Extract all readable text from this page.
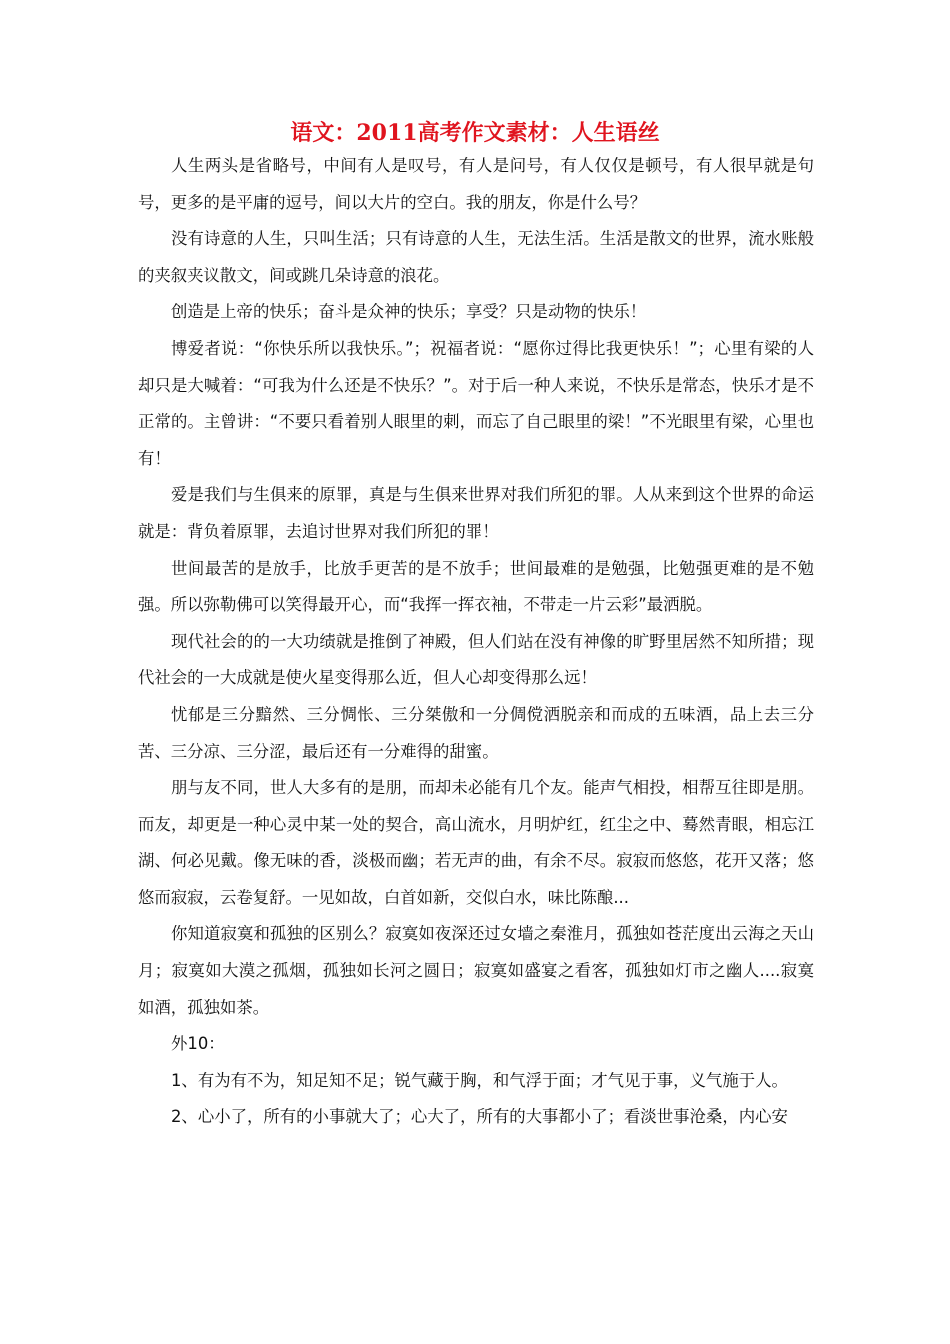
语文：2011高考作文素材：人生语丝

人生两头是省略号，中间有人是叹号，有人是问号，有人仅仅是顿号，有人很早就是句号，更多的是平庸的逗号，间以大片的空白。我的朋友，你是什么号？

没有诗意的人生，只叫生活；只有诗意的人生，无法生活。生活是散文的世界，流水账般的夹叙夹议散文，间或跳几朵诗意的浪花。

创造是上帝的快乐；奋斗是众神的快乐；享受？只是动物的快乐！

博爱者说：“你快乐所以我快乐。”；祝福者说：“愿你过得比我更快乐！”；心里有梁的人却只是大喊着：“可我为什么还是不快乐？”。对于后一种人来说，不快乐是常态，快乐才是不正常的。主曾讲：“不要只看着别人眼里的刺，而忘了自己眼里的梁！”不光眼里有梁，心里也有！

爱是我们与生俱来的原罪，真是与生俱来世界对我们所犯的罪。人从来到这个世界的命运就是：背负着原罪，去追讨世界对我们所犯的罪！

世间最苦的是放手，比放手更苦的是不放手；世间最难的是勉强，比勉强更难的是不勉强。所以弥勒佛可以笑得最开心，而“我挥一挥衣袖，不带走一片云彩”最洒脱。

现代社会的的一大功绩就是推倒了神殿，但人们站在没有神像的旷野里居然不知所措；现代社会的一大成就是使火星变得那么近，但人心却变得那么远！

忧郁是三分黯然、三分惆怅、三分桀傲和一分倜傥洒脱亲和而成的五味酒，品上去三分苦、三分凉、三分涩，最后还有一分难得的甜蜜。

朋与友不同，世人大多有的是朋，而却未必能有几个友。能声气相投，相帮互往即是朋。而友，却更是一种心灵中某一处的契合，高山流水，月明炉红，红尘之中、蓦然青眼，相忘江湖、何必见戴。像无味的香，淡极而幽；若无声的曲，有余不尽。寂寂而悠悠，花开又落；悠悠而寂寂，云卷复舒。一见如故，白首如新，交似白水，味比陈酿...

你知道寂寞和孤独的区别么？寂寞如夜深还过女墙之秦淮月，孤独如苍茫度出云海之天山月；寂寞如大漠之孤烟，孤独如长河之圆日；寂寞如盛宴之看客，孤独如灯市之幽人....寂寞如酒，孤独如茶。

外10：

1、有为有不为，知足知不足；锐气藏于胸，和气浮于面；才气见于事，义气施于人。

2、心小了，所有的小事就大了；心大了，所有的大事都小了；看淡世事沧桑，内心安
